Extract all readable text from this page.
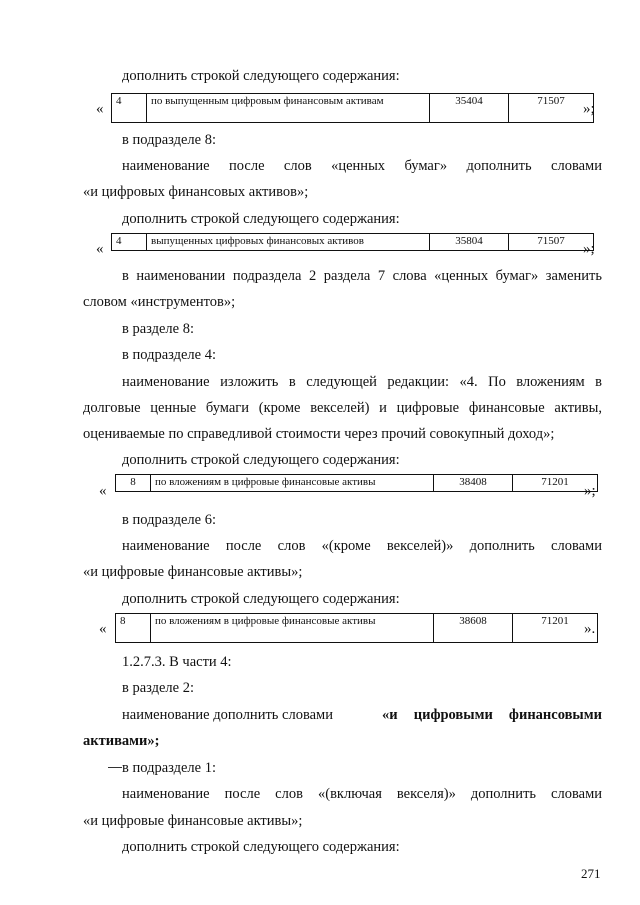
дополнить строкой следующего содержания:
« 4	по выпущенным цифровым финансовым активам	35404	71507 »;
в подразделе 8:
наименование после слов «ценных бумаг» дополнить словами
«и цифровых финансовых активов»;
дополнить строкой следующего содержания:
« 4	выпущенных цифровых финансовых активов	35804	71507 »;
в наименовании подраздела 2 раздела 7 слова «ценных бумаг» заменить
словом «инструментов»;
в разделе 8:
в подразделе 4:
наименование изложить в следующей редакции: «4. По вложениям в
долговые ценные бумаги (кроме векселей) и цифровые финансовые активы,
оцениваемые по справедливой стоимости через прочий совокупный доход»;
дополнить строкой следующего содержания:
«
8	по вложениям в цифровые финансовые активы	38408	71201
»;
в подразделе 6:
наименование после слов «(кроме векселей)» дополнить словами
«и цифровые финансовые активы»;
дополнить строкой следующего содержания:
« 8	по вложениям в цифровые финансовые активы	38608	71201 ».
1.2.7.3. В части 4:
в разделе 2:
наименование дополнить словами	«и цифровыми финансовыми
активами»;
в подразделе 1:
наименование после слов «(включая векселя)» дополнить словами
«и цифровые финансовые активы»;
дополнить строкой следующего содержания:
271
